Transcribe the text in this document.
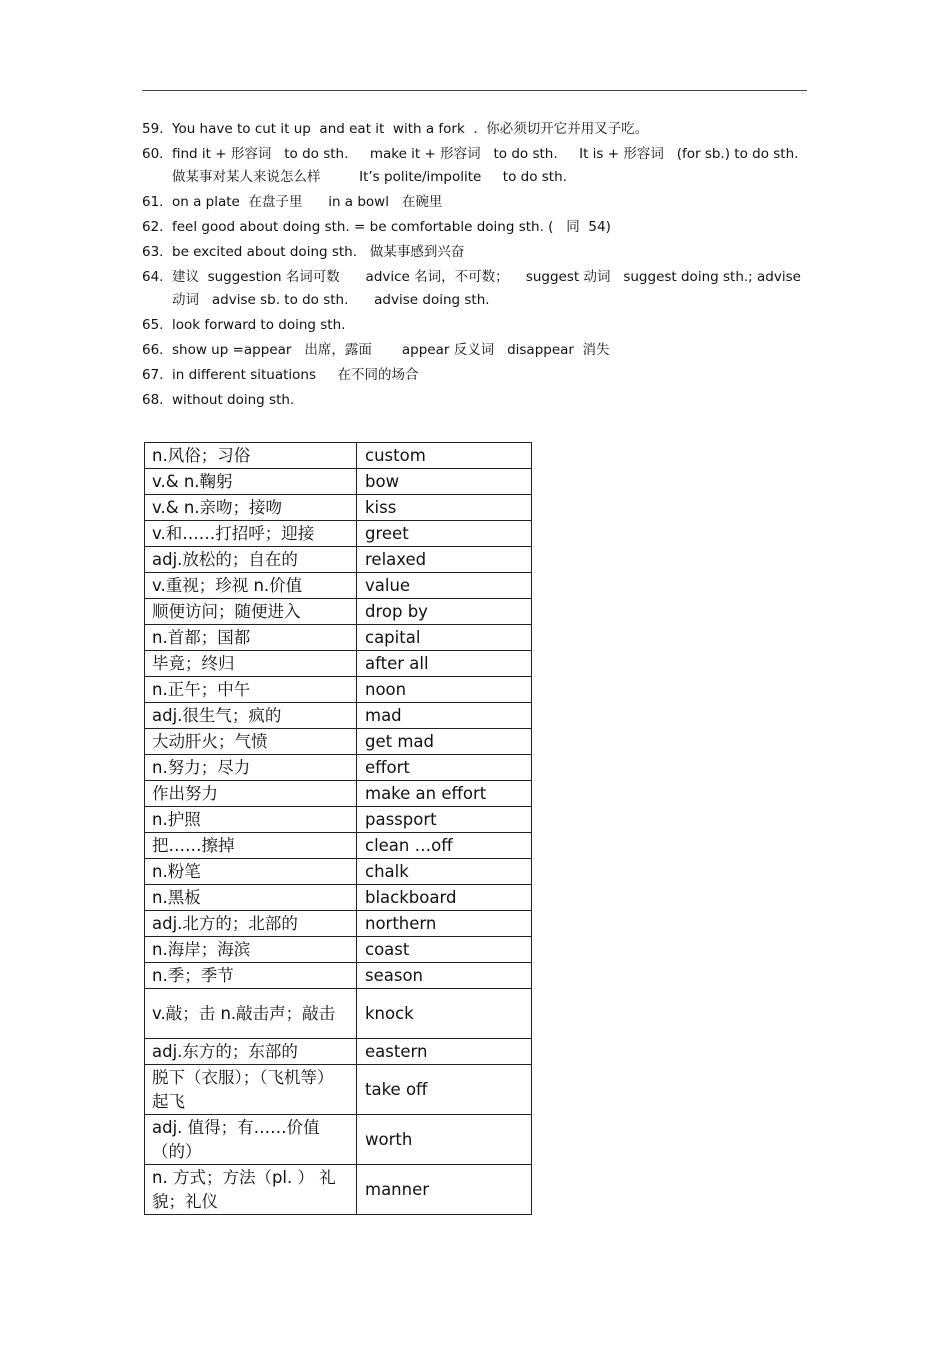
59. You have to cut it up  and eat it  with a fork  .  你必须切开它并用叉子吃。
60. find it + 形容词   to do sth.     make it + 形容词   to do sth.     It is + 形容词   (for sb.) to do sth.  做某事对某人来说怎么样         It’s polite/impolite     to do sth.
61. on a plate  在盘子里      in a bowl   在碗里
62. feel good about doing sth. = be comfortable doing sth. (   同  54)
63. be excited about doing sth.   做某事感到兴奋
64. 建议  suggestion 名词可数      advice 名词，不可数；    suggest 动词   suggest doing sth.; advise 动词   advise sb. to do sth.      advise doing sth.
65. look forward to doing sth.
66. show up =appear   出席，露面       appear 反义词   disappear  消失
67. in different situations     在不同的场合
68. without doing sth.
n.风俗；习俗	custom
v.& n.鞠躬	bow
v.& n.亲吻；接吻	kiss
v.和……打招呼；迎接	greet
adj.放松的；自在的	relaxed
v.重视；珍视 n.价值	value
顺便访问；随便进入	drop by
n.首都；国都	capital
毕竟；终归	after all
n.正午；中午	noon
adj.很生气；疯的	mad
大动肝火；气愤	get mad
n.努力；尽力	effort
作出努力	make an effort
n.护照	passport
把……擦掉	clean …off
n.粉笔	chalk
n.黑板	blackboard
adj.北方的；北部的	northern
n.海岸；海滨	coast
n.季；季节	season
v.敲；击 n.敲击声；敲击	knock
adj.东方的；东部的	eastern
脱下（衣服）；（飞机等）起飞	take off
adj. 值得；有……价值（的）	worth
n. 方式；方法（pl. ） 礼貌；礼仪	manner
